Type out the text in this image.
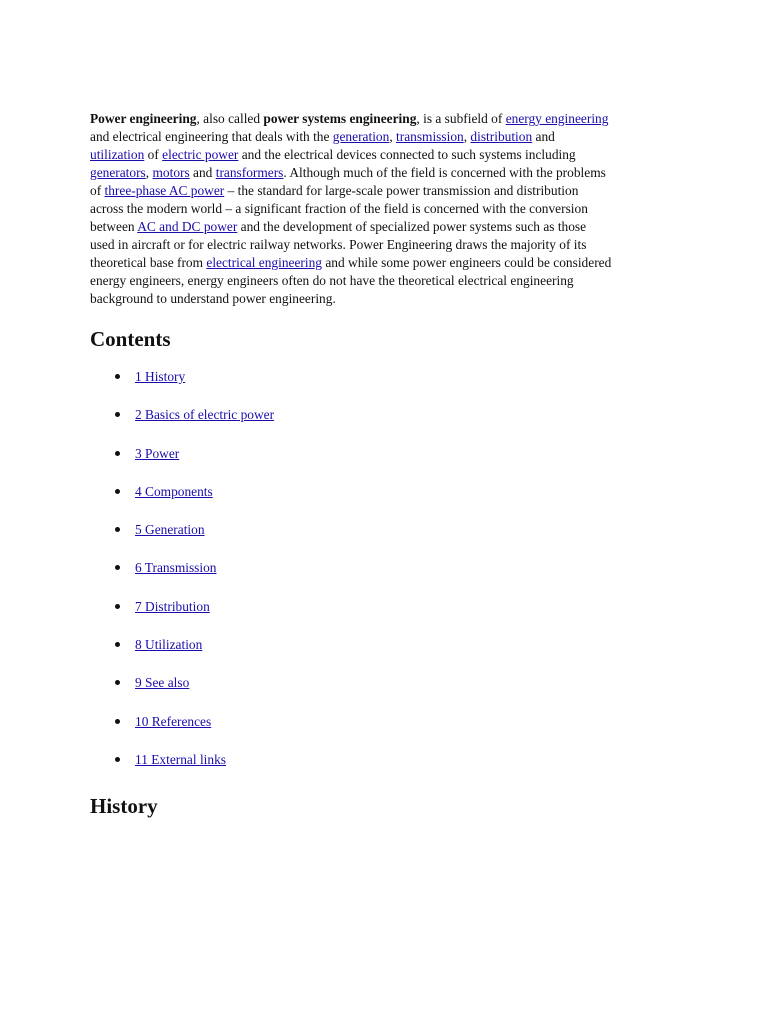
Power engineering, also called power systems engineering, is a subfield of energy engineering
and electrical engineering that deals with the generation, transmission, distribution and
utilization of electric power and the electrical devices connected to such systems including
generators, motors and transformers. Although much of the field is concerned with the problems
of three-phase AC power – the standard for large-scale power transmission and distribution
across the modern world – a significant fraction of the field is concerned with the conversion
between AC and DC power and the development of specialized power systems such as those
used in aircraft or for electric railway networks. Power Engineering draws the majority of its
theoretical base from electrical engineering and while some power engineers could be considered
energy engineers, energy engineers often do not have the theoretical electrical engineering
background to understand power engineering.

Contents
1 History
2 Basics of electric power
3 Power
4 Components
5 Generation
6 Transmission
7 Distribution
8 Utilization
9 See also
10 References
11 External links
History
